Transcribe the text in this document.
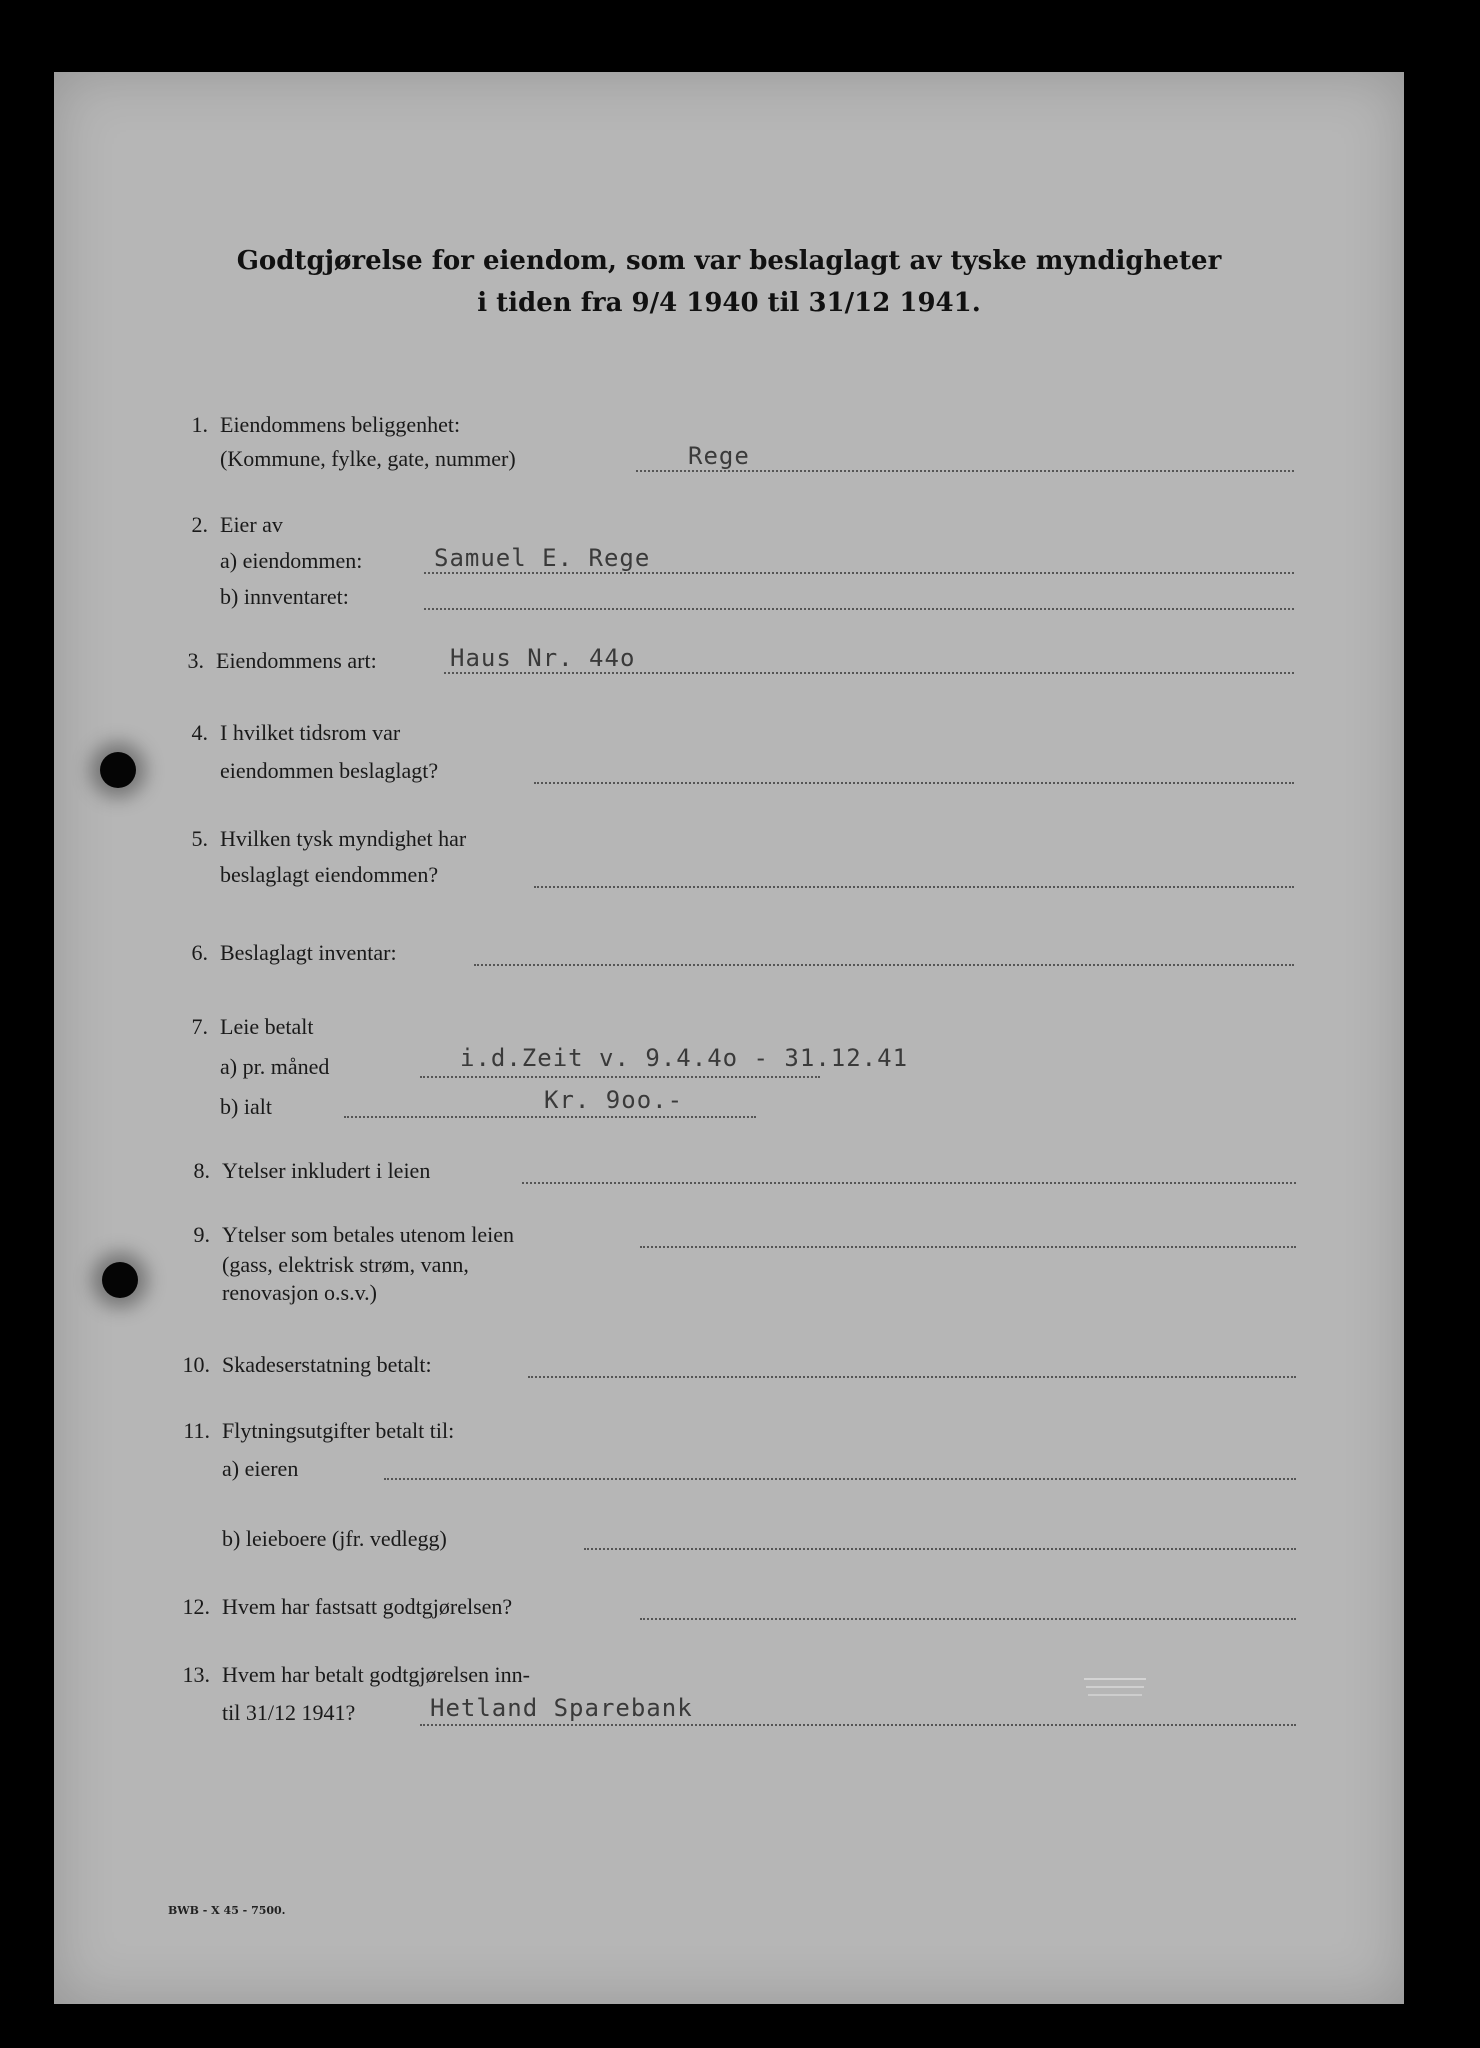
Godtgjørelse for eiendom, som var beslaglagt av tyske myndigheter
i tiden fra 9/4 1940 til 31/12 1941.
1. Eiendommens beliggenhet:
(Kommune, fylke, gate, nummer)	Rege
2. Eier av
a) eiendommen:	Samuel E. Rege
b) innventaret:
3. Eiendommens art:	Haus Nr. 44o
4. I hvilket tidsrom var
eiendommen beslaglagt?
5. Hvilken tysk myndighet har
beslaglagt eiendommen?
6. Beslaglagt inventar:
7. Leie betalt
a) pr. måned	i.d.Zeit v. 9.4.4o - 31.12.41
b) ialt	Kr. 9oo.-
8. Ytelser inkludert i leien
9. Ytelser som betales utenom leien
(gass, elektrisk strøm, vann,
renovasjon o.s.v.)
10. Skadeserstatning betalt:
11. Flytningsutgifter betalt til:
a) eieren
b) leieboere (jfr. vedlegg)
12. Hvem har fastsatt godtgjørelsen?
13. Hvem har betalt godtgjørelsen inn-
til 31/12 1941?	Hetland Sparebank
BWB - X 45 - 7500.
